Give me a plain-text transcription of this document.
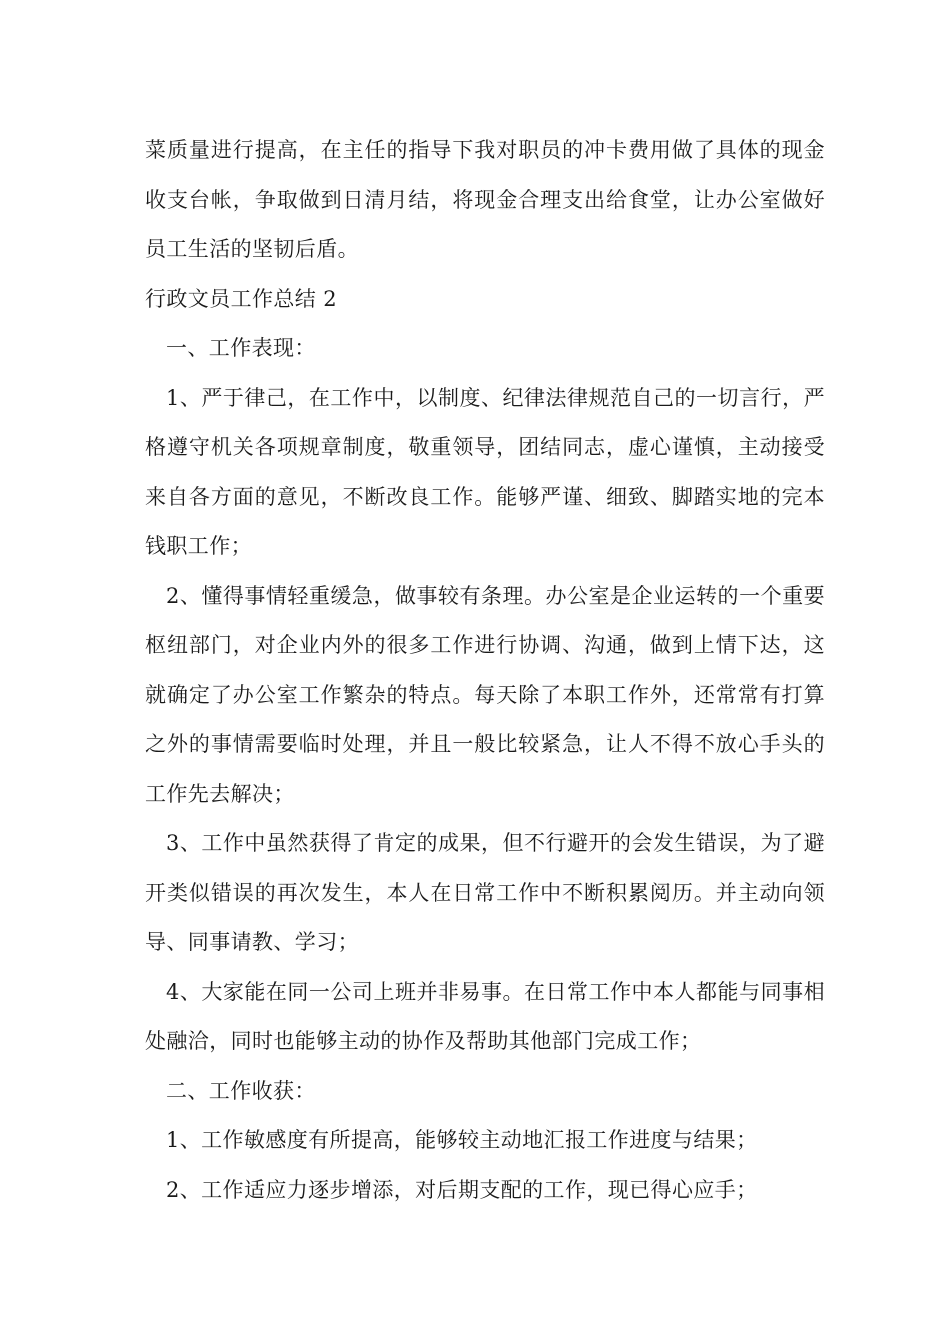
菜质量进行提高，在主任的指导下我对职员的冲卡费用做了具体的现金收支台帐，争取做到日清月结，将现金合理支出给食堂，让办公室做好员工生活的坚韧后盾。

行政文员工作总结 2

一、工作表现：

1、严于律己，在工作中，以制度、纪律法律规范自己的一切言行，严格遵守机关各项规章制度，敬重领导，团结同志，虚心谨慎，主动接受来自各方面的意见，不断改良工作。能够严谨、细致、脚踏实地的完本钱职工作；

2、懂得事情轻重缓急，做事较有条理。办公室是企业运转的一个重要枢纽部门，对企业内外的很多工作进行协调、沟通，做到上情下达，这就确定了办公室工作繁杂的特点。每天除了本职工作外，还常常有打算之外的事情需要临时处理，并且一般比较紧急，让人不得不放心手头的工作先去解决；

3、工作中虽然获得了肯定的成果，但不行避开的会发生错误，为了避开类似错误的再次发生，本人在日常工作中不断积累阅历。并主动向领导、同事请教、学习；

4、大家能在同一公司上班并非易事。在日常工作中本人都能与同事相处融洽，同时也能够主动的协作及帮助其他部门完成工作；

二、工作收获：

1、工作敏感度有所提高，能够较主动地汇报工作进度与结果；

2、工作适应力逐步增添，对后期支配的工作，现已得心应手；
